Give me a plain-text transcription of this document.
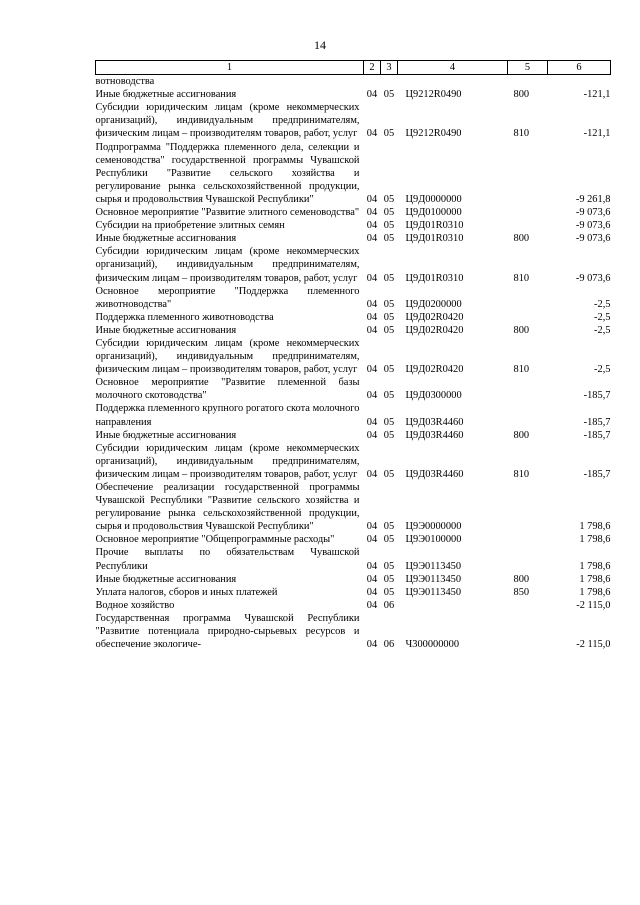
14
1	2	3	4	5	6
вотноводства					
Иные бюджетные ассигнования	04	05	Ц9212R0490	800	-121,1
Субсидии юридическим лицам (кроме некоммерческих организаций), индивидуальным предпринимателям, физическим лицам – производителям товаров, работ, услуг	04	05	Ц9212R0490	810	-121,1
Подпрограмма "Поддержка племенного дела, селекции и семеноводства" государственной программы Чувашской Республики "Развитие сельского хозяйства и регулирование рынка сельскохозяйственной продукции, сырья и продовольствия Чувашской Республики"	04	05	Ц9Д0000000		-9 261,8
Основное мероприятие "Развитие элитного семеноводства"	04	05	Ц9Д0100000		-9 073,6
Субсидии на приобретение элитных семян	04	05	Ц9Д01R0310		-9 073,6
Иные бюджетные ассигнования	04	05	Ц9Д01R0310	800	-9 073,6
Субсидии юридическим лицам (кроме некоммерческих организаций), индивидуальным предпринимателям, физическим лицам – производителям товаров, работ, услуг	04	05	Ц9Д01R0310	810	-9 073,6
Основное мероприятие "Поддержка племенного животноводства"	04	05	Ц9Д0200000		-2,5
Поддержка племенного животноводства	04	05	Ц9Д02R0420		-2,5
Иные бюджетные ассигнования	04	05	Ц9Д02R0420	800	-2,5
Субсидии юридическим лицам (кроме некоммерческих организаций), индивидуальным предпринимателям, физическим лицам – производителям товаров, работ, услуг	04	05	Ц9Д02R0420	810	-2,5
Основное мероприятие "Развитие племенной базы молочного скотоводства"	04	05	Ц9Д0300000		-185,7
Поддержка племенного крупного рогатого скота молочного направления	04	05	Ц9Д03R4460		-185,7
Иные бюджетные ассигнования	04	05	Ц9Д03R4460	800	-185,7
Субсидии юридическим лицам (кроме некоммерческих организаций), индивидуальным предпринимателям, физическим лицам – производителям товаров, работ, услуг	04	05	Ц9Д03R4460	810	-185,7
Обеспечение реализации государственной программы Чувашской Республики "Развитие сельского хозяйства и регулирование рынка сельскохозяйственной продукции, сырья и продовольствия Чувашской Республики"	04	05	Ц9Э0000000		1 798,6
Основное мероприятие "Общепрограммные расходы"	04	05	Ц9Э0100000		1 798,6
Прочие выплаты по обязательствам Чувашской Республики	04	05	Ц9Э0113450		1 798,6
Иные бюджетные ассигнования	04	05	Ц9Э0113450	800	1 798,6
Уплата налогов, сборов и иных платежей	04	05	Ц9Э0113450	850	1 798,6
Водное хозяйство	04	06			-2 115,0
Государственная программа Чувашской Республики "Развитие потенциала природно-сырьевых ресурсов и обеспечение экологиче-	04	06	Ч300000000		-2 115,0
